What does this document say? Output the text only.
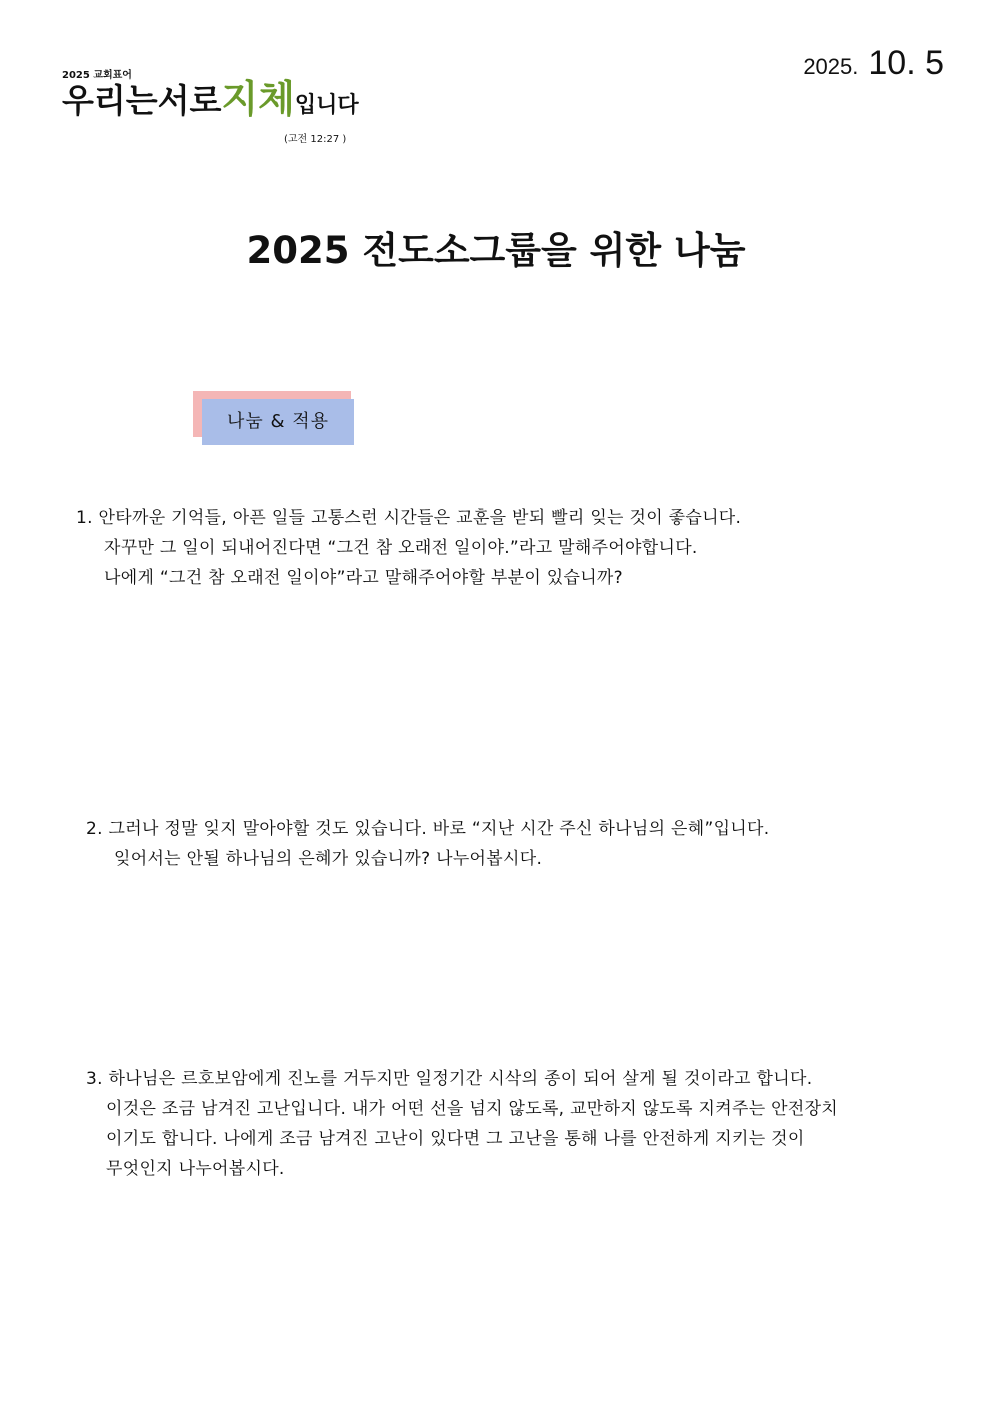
2025 교회표어
우리는서로지체입니다
(고전 12:27 )
2025. 10. 5
2025 전도소그룹을 위한 나눔
나눔 & 적용
1. 안타까운 기억들, 아픈 일들 고통스런 시간들은 교훈을 받되 빨리 잊는 것이 좋습니다.
자꾸만 그 일이 되내어진다면 “그건 참 오래전 일이야.”라고 말해주어야합니다.
나에게 “그건 참 오래전 일이야”라고 말해주어야할 부분이 있습니까?
2. 그러나 정말 잊지 말아야할 것도 있습니다. 바로 “지난 시간 주신 하나님의 은혜”입니다.
잊어서는 안될 하나님의 은혜가 있습니까? 나누어봅시다.
3. 하나님은 르호보암에게 진노를 거두지만 일정기간 시삭의 종이 되어 살게 될 것이라고 합니다.
이것은 조금 남겨진 고난입니다. 내가 어떤 선을 넘지 않도록, 교만하지 않도록 지켜주는 안전장치
이기도 합니다. 나에게 조금 남겨진 고난이 있다면 그 고난을 통해 나를 안전하게 지키는 것이
무엇인지 나누어봅시다.
